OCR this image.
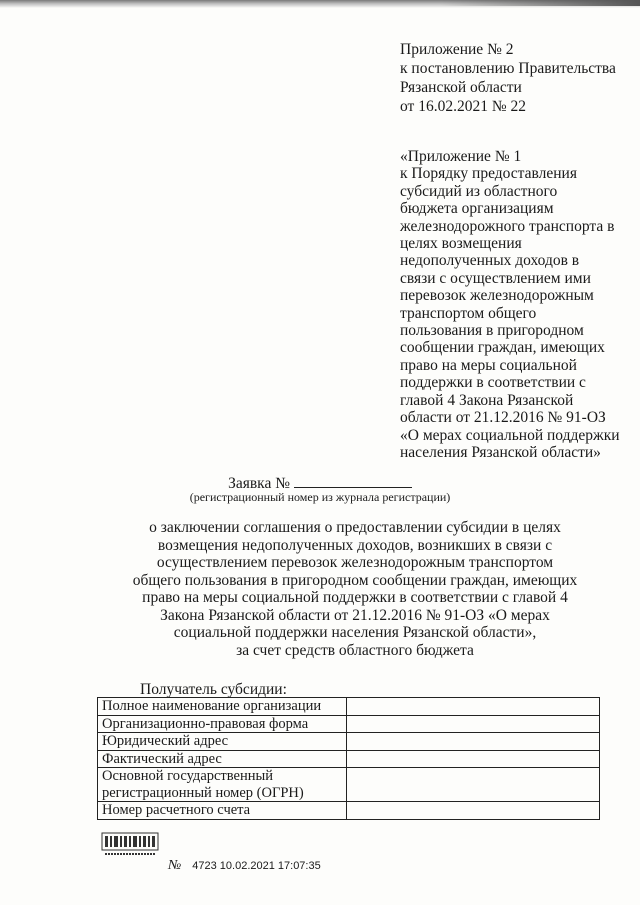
Приложение № 2
к постановлению Правительства
Рязанской области
от 16.02.2021 № 22
«Приложение № 1
к Порядку предоставления
субсидий из областного
бюджета организациям
железнодорожного транспорта в
целях возмещения
недополученных доходов в
связи с осуществлением ими
перевозок железнодорожным
транспортом общего
пользования в пригородном
сообщении граждан, имеющих
право на меры социальной
поддержки в соответствии с
главой 4 Закона Рязанской
области от 21.12.2016 № 91-ОЗ
«О мерах социальной поддержки
населения Рязанской области»
Заявка №
(регистрационный номер из журнала регистрации)
о заключении соглашения о предоставлении субсидии в целях
возмещения недополученных доходов, возникших в связи с
осуществлением перевозок железнодорожным транспортом
общего пользования в пригородном сообщении граждан, имеющих
право на меры социальной поддержки в соответствии с главой 4
Закона Рязанской области от 21.12.2016 № 91-ОЗ «О мерах
социальной поддержки населения Рязанской области»,
за счет средств областного бюджета
Получатель субсидии:
Полное наименование организации	
Организационно-правовая форма	
Юридический адрес	
Фактический адрес	
Основной государственный регистрационный номер (ОГРН)	
Номер расчетного счета	
№ 4723 10.02.2021 17:07:35
